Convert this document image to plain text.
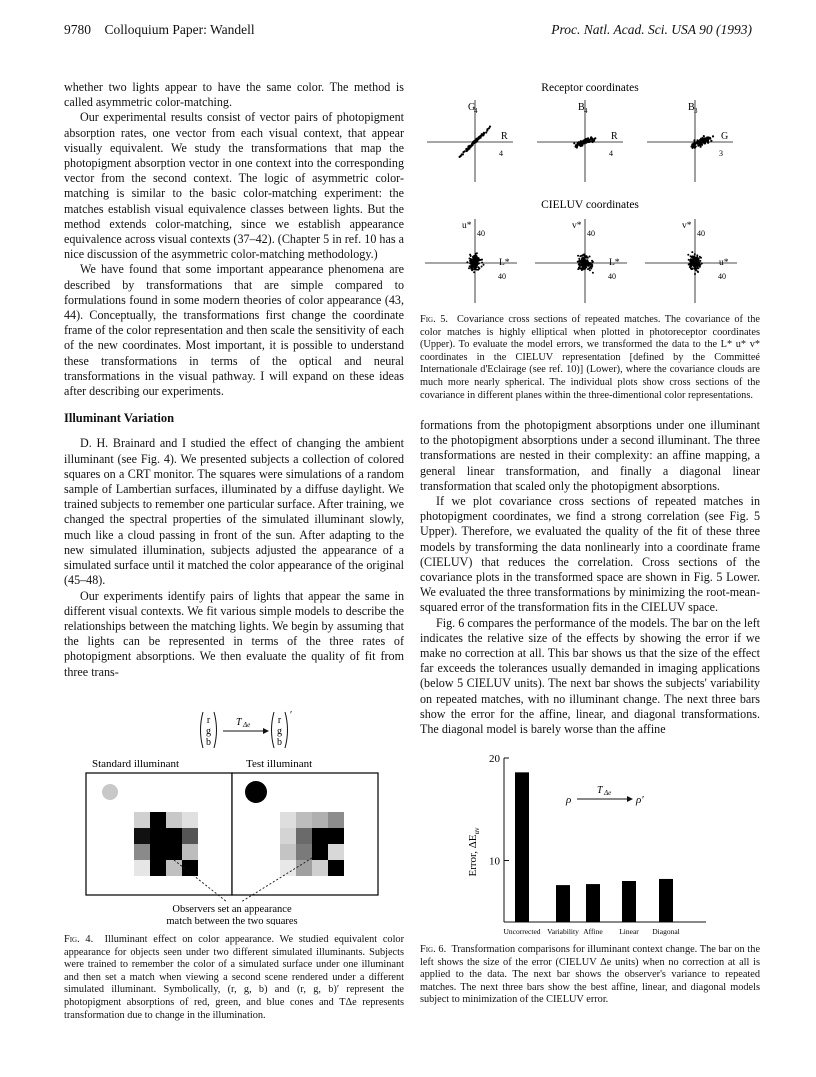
9780 Colloquium Paper: Wandell	Proc. Natl. Acad. Sci. USA 90 (1993)

whether two lights appear to have the same color. The method is called asymmetric color-matching.

Our experimental results consist of vector pairs of photopigment absorption rates, one vector from each visual context, that appear visually equivalent. We study the transformations that map the photopigment absorption vector in one context into the corresponding vector from the second context. The logic of asymmetric color-matching is similar to the basic color-matching experiment: the matches establish visual equivalence classes between lights. But the method extends color-matching, since we establish appearance equivalence across visual contexts (37–42). (Chapter 5 in ref. 10 has a nice discussion of the asymmetric color-matching methodology.)

We have found that some important appearance phenomena are described by transformations that are simple compared to formulations found in some modern theories of color appearance (43, 44). Conceptually, the transformations first change the coordinate frame of the color representation and then scale the sensitivity of each of the new coordinates. Most important, it is possible to understand these transformations in terms of the optical and neural transformations in the visual pathway. I will expand on these ideas after describing our experiments.

Illuminant Variation

D. H. Brainard and I studied the effect of changing the ambient illuminant (see Fig. 4). We presented subjects a collection of colored squares on a CRT monitor. The squares were simulations of a random sample of Lambertian surfaces, illuminated by a diffuse daylight. We trained subjects to remember one particular surface. After training, we changed the spectral properties of the simulated illuminant slowly, much like a cloud passing in front of the sun. After adapting to the new simulated illumination, subjects adjusted the appearance of a simulated surface until it matched the color appearance of the original (45–48).

Our experiments identify pairs of lights that appear the same in different visual contexts. We fit various simple models to describe the relationships between the matching lights. We begin by assuming that the lights can be represented in terms of the three rates of photopigment absorptions. We then evaluate the quality of fit from three trans-

r
g
b
T Δe	r
g
b
′
Standard illuminant	Test illuminant
Observers set an appearance
match between the two squares
Fig. 4. Illuminant effect on color appearance. We studied equivalent color appearance for objects seen under two different simulated illuminants. Subjects were trained to remember the color of a simulated surface under one illuminant and then set a match when viewing a second scene rendered under a different simulated illuminant. Symbolically, (r, g, b) and (r, g, b)′ represent the photopigment absorptions of red, green, and blue cones and TΔe represents transformation due to change in the illumination.
Receptor coordinates
CIELUV coordinates
G
4
R
4
B 4
R
4
B 3
G
3
u*
40
L*
40
v*
40
L*
40
v*
40
u*
40
Fig. 5. Covariance cross sections of repeated matches. The covariance of the color matches is highly elliptical when plotted in photoreceptor coordinates (Upper). To evaluate the model errors, we transformed the data to the L* u* v* coordinates in the CIELUV representation [defined by the Committeé Internationale d'Eclairage (see ref. 10)] (Lower), where the covariance clouds are much more nearly spherical. The individual plots show cross sections of the covariance in different planes within the three-dimentional color representations.

formations from the photopigment absorptions under one illuminant to the photopigment absorptions under a second illuminant. The three transformations are nested in their complexity: an affine mapping, a general linear transformation, and finally a diagonal linear transformation that scaled only the photopigment absorptions.

If we plot covariance cross sections of repeated matches in photopigment coordinates, we find a strong correlation (see Fig. 5 Upper). Therefore, we evaluated the quality of the fit of these three models by transforming the data nonlinearly into a coordinate frame (CIELUV) that reduces the correlation. Cross sections of the covariance plots in the transformed space are shown in Fig. 5 Lower. We evaluated the three transformations by minimizing the root-mean-squared error of the transformation fits in the CIELUV space.

Fig. 6 compares the performance of the models. The bar on the left indicates the relative size of the effects by showing the error if we make no correction at all. This bar shows us that the size of the effect far exceeds the tolerances usually demanded in imaging applications (below 5 CIELUV units). The next bar shows the subjects' variability on repeated matches, with no illuminant change. The next three bars show the error for the affine, linear, and diagonal transformations. The diagonal model is barely worse than the affine

10
20
Error, $\Delta E_{uv}$
Uncorrected Variability Affine Linear Diagonal
ρ
T Δe
ρ′
Fig. 6. Transformation comparisons for illuminant context change. The bar on the left shows the size of the error (CIELUV Δe units) when no correction at all is applied to the data. The next bar shows the observer's variance to repeated matches. The next three bars show the best affine, linear, and diagonal models subject to minimization of the CIELUV error.
